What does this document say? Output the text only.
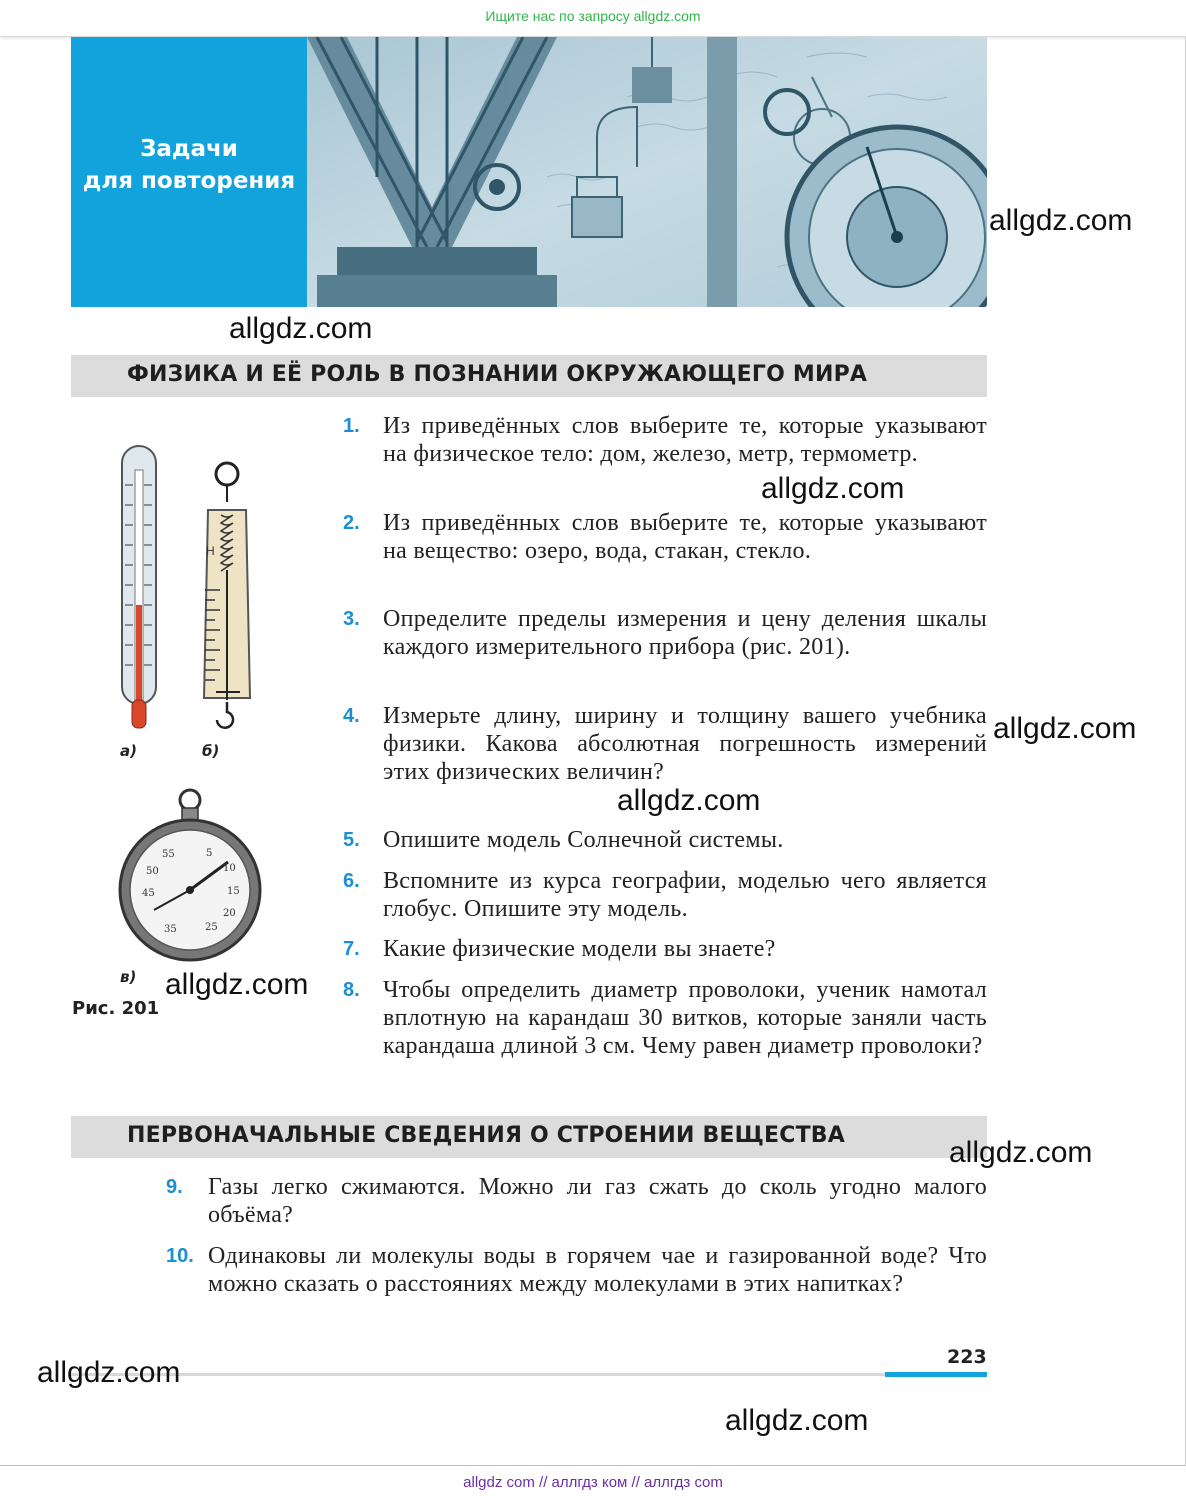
Ищите нас по запросу allgdz.com
Задачи
для повторения
ФИЗИКА И ЕЁ РОЛЬ В ПОЗНАНИИ ОКРУЖАЮЩЕГО МИРА
Н
55	5
10
15
20
25
35
45
50
а)	б)
в)
Рис. 201
1. Из приведённых слов выберите те, которые указывают на физическое тело: дом, железо, метр, термометр.
2. Из приведённых слов выберите те, которые указывают на вещество: озеро, вода, стакан, стекло.
3. Определите пределы измерения и цену деления шкалы каждого измерительного прибора (рис. 201).
4. Измерьте длину, ширину и толщину вашего учебника физики. Какова абсолютная погрешность измерений этих физических величин?
5. Опишите модель Солнечной системы.
6. Вспомните из курса географии, моделью чего является глобус. Опишите эту модель.
7. Какие физические модели вы знаете?
8. Чтобы определить диаметр проволоки, ученик намотал вплотную на карандаш 30 витков, которые заняли часть карандаша длиной 3 см. Чему равен диаметр проволоки?
ПЕРВОНАЧАЛЬНЫЕ СВЕДЕНИЯ О СТРОЕНИИ ВЕЩЕСТВА
9. Газы легко сжимаются. Можно ли газ сжать до сколь угодно малого объёма?
10. Одинаковы ли молекулы воды в горячем чае и газированной воде? Что можно сказать о расстояниях между молекулами в этих напитках?
223
allgdz.com
allgdz.com
allgdz.com
allgdz.com
allgdz.com
allgdz.com
allgdz.com
allgdz.com
allgdz.com
allgdz com // аллгдз ком // аллгдз com
